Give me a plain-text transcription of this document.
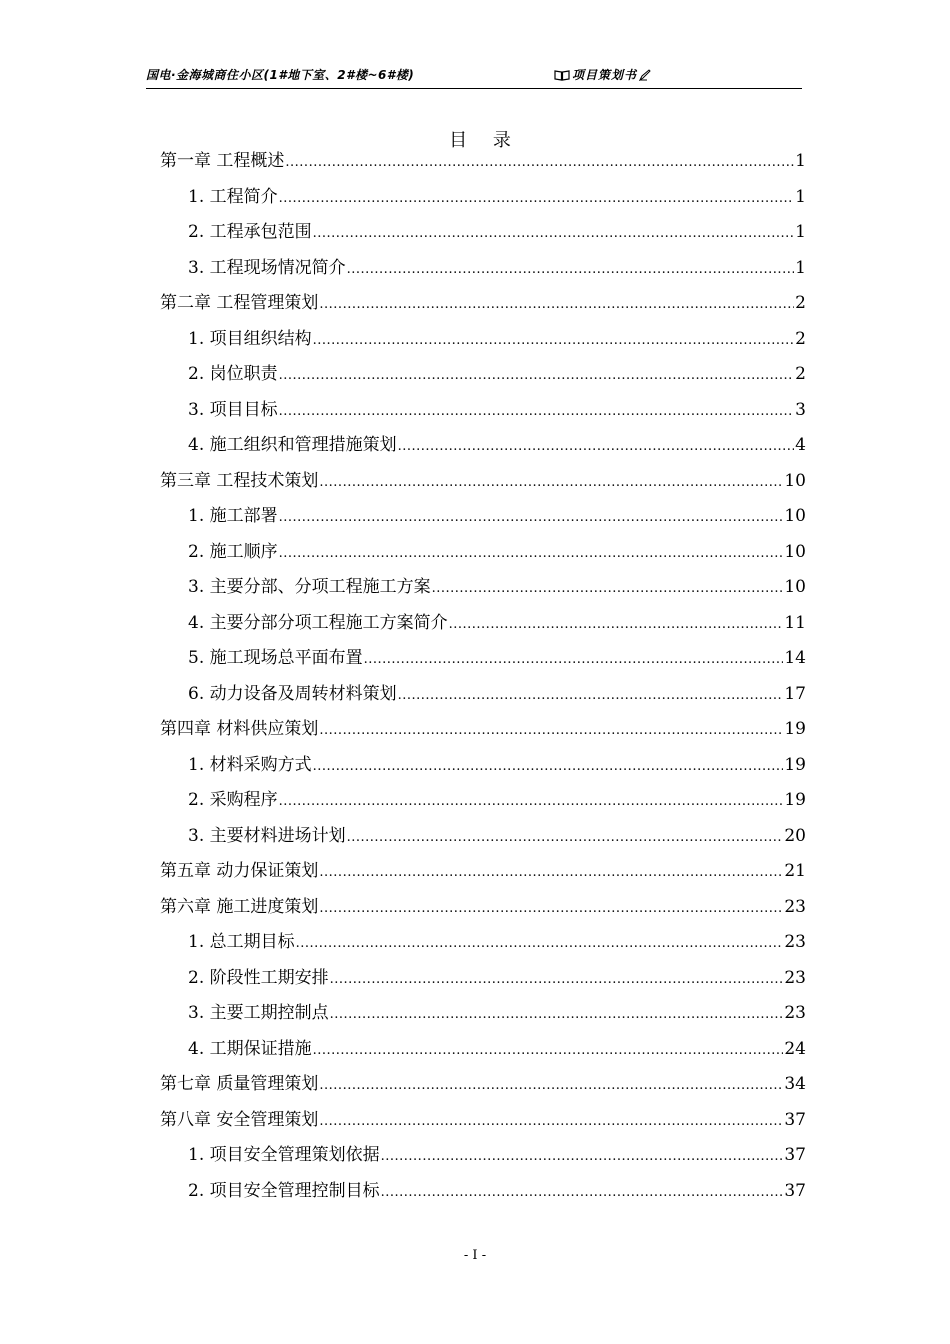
国电·金海城商住小区(1#地下室、2#楼~6#楼)	项目策划书
目 录
第一章 工程概述 .....	1
1. 工程简介 .....	1
2. 工程承包范围 .....	1
3. 工程现场情况简介 .....	1
第二章 工程管理策划 .....	2
1. 项目组织结构 .....	2
2. 岗位职责 .....	2
3. 项目目标 .....	3
4. 施工组织和管理措施策划 .....	4
第三章 工程技术策划 .....	10
1. 施工部署 .....	10
2. 施工顺序 .....	10
3. 主要分部、分项工程施工方案 .....	10
4. 主要分部分项工程施工方案简介 .....	11
5. 施工现场总平面布置 .....	14
6. 动力设备及周转材料策划 .....	17
第四章 材料供应策划 .....	19
1. 材料采购方式 .....	19
2. 采购程序 .....	19
3. 主要材料进场计划 .....	20
第五章 动力保证策划 .....	21
第六章 施工进度策划 .....	23
1. 总工期目标 .....	23
2. 阶段性工期安排 .....	23
3. 主要工期控制点 .....	23
4. 工期保证措施 .....	24
第七章 质量管理策划 .....	34
第八章 安全管理策划 .....	37
1. 项目安全管理策划依据 .....	37
2. 项目安全管理控制目标 .....	37
- I -
